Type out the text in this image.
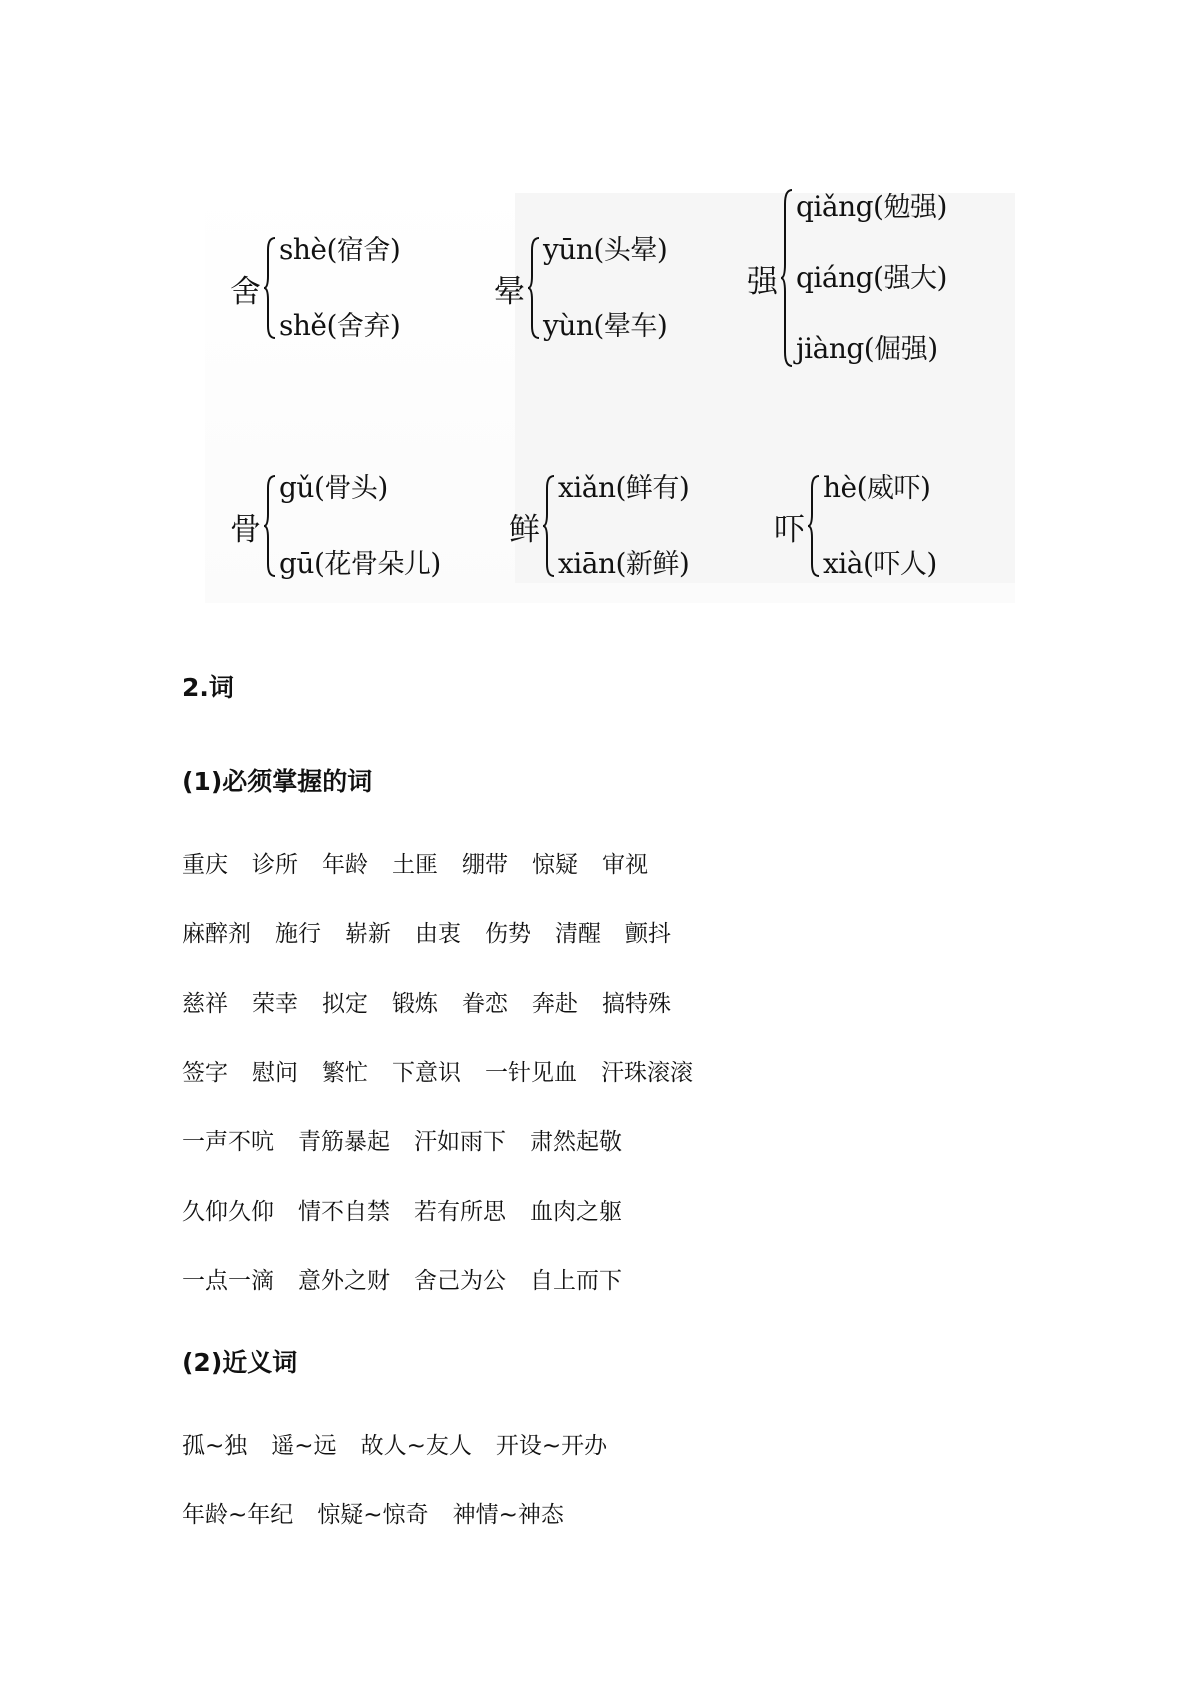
舍
shè(宿舍)
shě(舍弃)
晕
yūn(头晕)
yùn(晕车)
强
qiǎng(勉强)
qiáng(强大)
jiàng(倔强)
骨
gǔ(骨头)
gū(花骨朵儿)
鲜
xiǎn(鲜有)
xiān(新鲜)
吓
hè(威吓)
xià(吓人)
2.词
(1)必须掌握的词
重庆 诊所 年龄 土匪 绷带 惊疑 审视
麻醉剂 施行 崭新 由衷 伤势 清醒 颤抖
慈祥 荣幸 拟定 锻炼 眷恋 奔赴 搞特殊
签字 慰问 繁忙 下意识 一针见血 汗珠滚滚
一声不吭 青筋暴起 汗如雨下 肃然起敬
久仰久仰 情不自禁 若有所思 血肉之躯
一点一滴 意外之财 舍己为公 自上而下
(2)近义词
孤~独 遥~远 故人~友人 开设~开办
年龄~年纪 惊疑~惊奇 神情~神态
